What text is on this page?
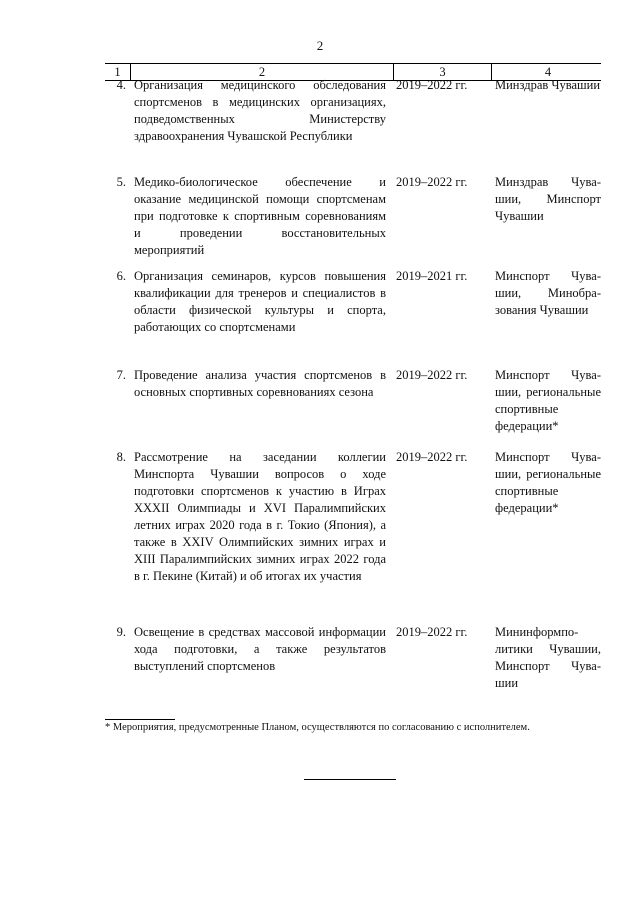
2
1	2	3	4
4. Организация медицинского обследования спортсменов в медицинских организациях, подведомственных Министерству здравоохранения Чувашской Республики
2019–2022 гг.	Минздрав Чувашии
5. Медико-биологическое обеспечение и оказание медицинской помощи спортсменам при подготовке к спортивным соревнованиям и проведении восстановительных мероприятий
2019–2022 гг.	Минздрав Чувашии, Минспорт Чувашии
6. Организация семинаров, курсов повышения квалификации для тренеров и специалистов в области физической культуры и спорта, работающих со спортсменами
2019–2021 гг.	Минспорт Чувашии, Минобразования Чувашии
7. Проведение анализа участия спортсменов в основных спортивных соревнованиях сезона
2019–2022 гг.	Минспорт Чувашии, региональные спортивные федерации*
8. Рассмотрение на заседании коллегии Минспорта Чувашии вопросов о ходе подготовки спортсменов к участию в Играх XXXII Олимпиады и XVI Паралимпийских летних играх 2020 года в г. Токио (Япония), а также в XXIV Олимпийских зимних играх и XIII Паралимпийских зимних играх 2022 года в г. Пекине (Китай) и об итогах их участия
2019–2022 гг.	Минспорт Чувашии, региональные спортивные федерации*
9. Освещение в средствах массовой информации хода подготовки, а также результатов выступлений спортсменов
2019–2022 гг.	Мининформполитики Чувашии, Минспорт Чувашии
* Мероприятия, предусмотренные Планом, осуществляются по согласованию с исполнителем.
